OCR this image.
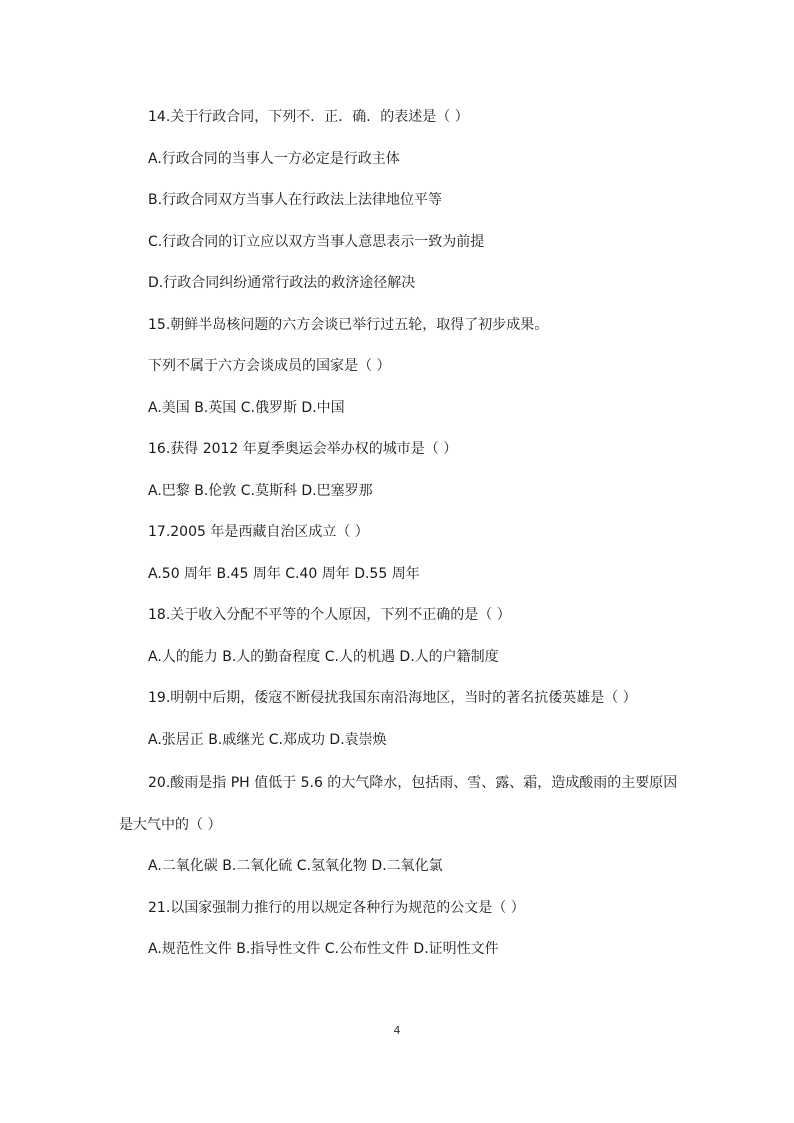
14.关于行政合同，下列不．正．确．的表述是（ ）
A.行政合同的当事人一方必定是行政主体
B.行政合同双方当事人在行政法上法律地位平等
C.行政合同的订立应以双方当事人意思表示一致为前提
D.行政合同纠纷通常行政法的救济途径解决
15.朝鲜半岛核问题的六方会谈已举行过五轮，取得了初步成果。
下列不属于六方会谈成员的国家是（ ）
A.美国 B.英国 C.俄罗斯 D.中国
16.获得 2012 年夏季奥运会举办权的城市是（ ）
A.巴黎 B.伦敦 C.莫斯科 D.巴塞罗那
17.2005 年是西藏自治区成立（ ）
A.50 周年 B.45 周年 C.40 周年 D.55 周年
18.关于收入分配不平等的个人原因，下列不正确的是（ ）
A.人的能力 B.人的勤奋程度 C.人的机遇 D.人的户籍制度
19.明朝中后期，倭寇不断侵扰我国东南沿海地区，当时的著名抗倭英雄是（ ）
A.张居正 B.戚继光 C.郑成功 D.袁崇焕
20.酸雨是指 PH 值低于 5.6 的大气降水，包括雨、雪、露、霜，造成酸雨的主要原因
是大气中的（ ）
A.二氧化碳 B.二氧化硫 C.氢氧化物 D.二氧化氯
21.以国家强制力推行的用以规定各种行为规范的公文是（ ）
A.规范性文件 B.指导性文件 C.公布性文件 D.证明性文件
4
